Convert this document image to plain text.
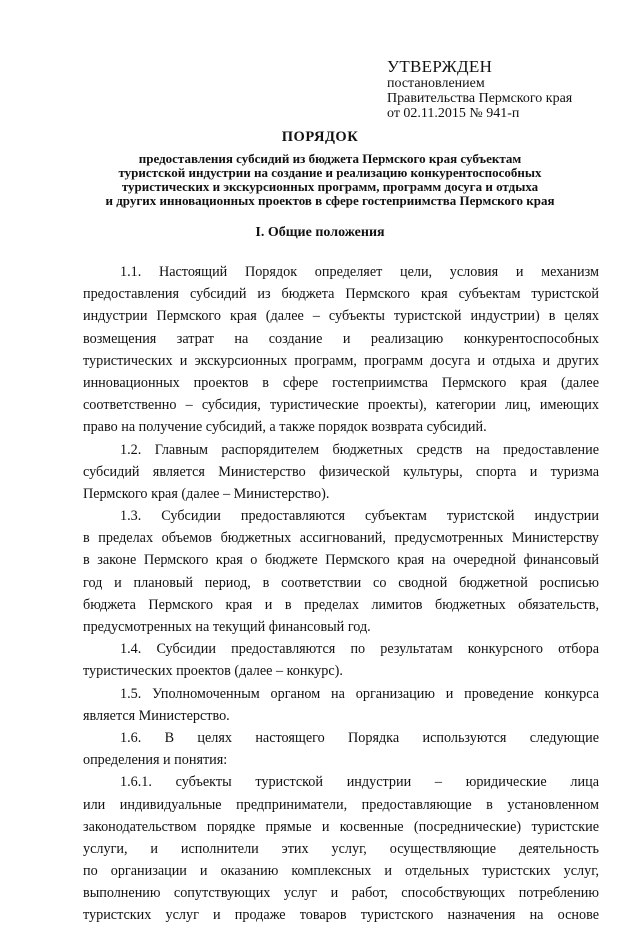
УТВЕРЖДЕН
постановлением
Правительства Пермского края
от 02.11.2015 № 941-п
ПОРЯДОК
предоставления субсидий из бюджета Пермского края субъектам
туристской индустрии на создание и реализацию конкурентоспособных
туристических и экскурсионных программ, программ досуга и отдыха
и других инновационных проектов в сфере гостеприимства Пермского края
I. Общие положения
1.1. Настоящий Порядок определяет цели, условия и механизм
предоставления субсидий из бюджета Пермского края субъектам туристской
индустрии Пермского края (далее – субъекты туристской индустрии) в целях
возмещения затрат на создание и реализацию конкурентоспособных
туристических и экскурсионных программ, программ досуга и отдыха и других
инновационных проектов в сфере гостеприимства Пермского края (далее
соответственно – субсидия, туристические проекты), категории лиц, имеющих
право на получение субсидий, а также порядок возврата субсидий.
1.2. Главным распорядителем бюджетных средств на предоставление
субсидий является Министерство физической культуры, спорта и туризма
Пермского края (далее – Министерство).
1.3. Субсидии предоставляются субъектам туристской индустрии
в пределах объемов бюджетных ассигнований, предусмотренных Министерству
в законе Пермского края о бюджете Пермского края на очередной финансовый
год и плановый период, в соответствии со сводной бюджетной росписью
бюджета Пермского края и в пределах лимитов бюджетных обязательств,
предусмотренных на текущий финансовый год.
1.4. Субсидии предоставляются по результатам конкурсного отбора
туристических проектов (далее – конкурс).
1.5. Уполномоченным органом на организацию и проведение конкурса
является Министерство.
1.6. В целях настоящего Порядка используются следующие
определения и понятия:
1.6.1. субъекты туристской индустрии – юридические лица
или индивидуальные предприниматели, предоставляющие в установленном
законодательством порядке прямые и косвенные (посреднические) туристские
услуги, и исполнители этих услуг, осуществляющие деятельность
по организации и оказанию комплексных и отдельных туристских услуг,
выполнению сопутствующих услуг и работ, способствующих потреблению
туристских услуг и продаже товаров туристского назначения на основе
